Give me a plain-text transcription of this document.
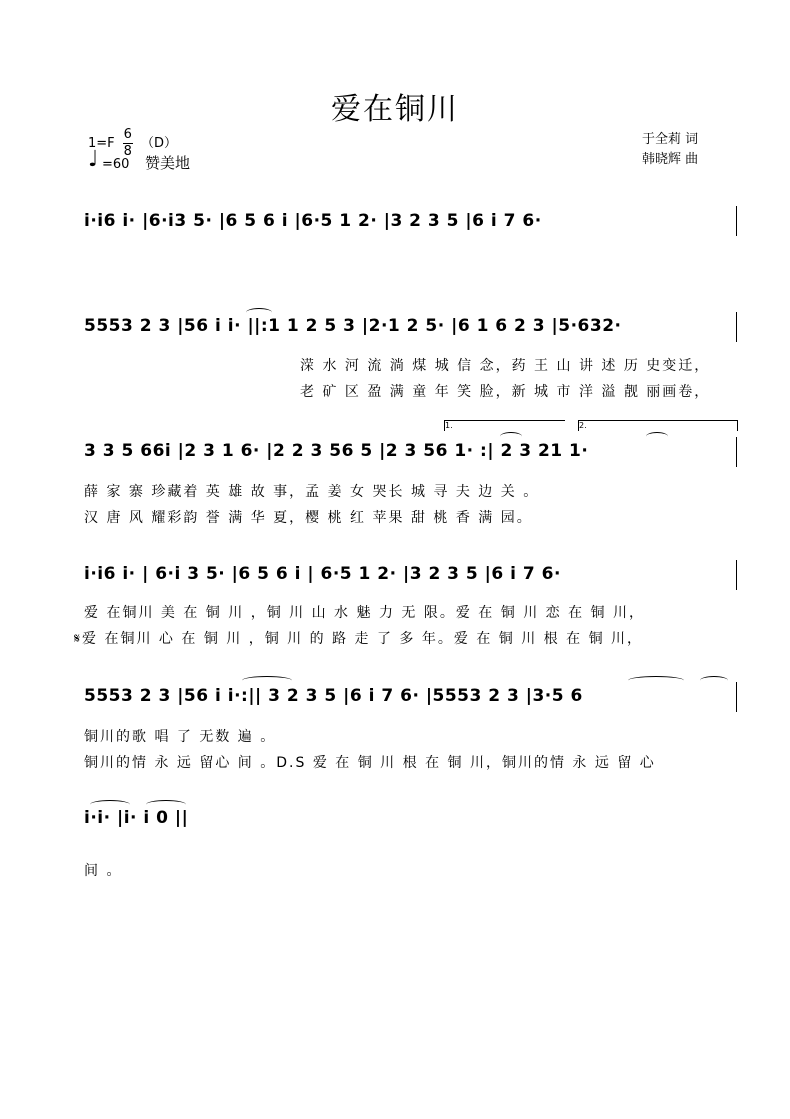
爱在铜川
$1=F \frac{6}{8} (D)$
♩ =60 赞美地
于全莉 词
韩晓辉 曲
i·i6 i· |6·i3 5· |6 5 6 i |6·5 1 2· |3 2 3 5 |6 i 7 6·
5553 2 3 |56 i i· ||:1 1 2 5 3 |2·1 2 5· |6 1 6 2 3 |5·632·
溁 水 河 流 淌 煤 城 信 念，药 王 山 讲 述 历 史变迁，
老 矿 区 盈 满 童 年 笑 脸，新 城 市 洋 溢 靓 丽画卷，
1.	2.
3 3 5 66i |2 3 1 6· |2 2 3 56 5 |2 3 56 1· :| 2 3 21 1·
薛 家 寨 珍藏着 英 雄 故 事，孟 姜 女 哭长 城 寻 夫 边 关 。
汉 唐 风 耀彩韵 誉 满 华 夏，樱 桃 红 苹果 甜 桃 香 满 园。
i·i6 i· | 6·i 3 5· |6 5 6 i | 6·5 1 2· |3 2 3 5 |6 i 7 6·
爱 在铜川 美 在 铜 川 ，铜 川 山 水 魅 力 无 限。爱 在 铜 川 恋 在 铜 川，
𝄋爱 在铜川 心 在 铜 川 ，铜 川 的 路 走 了 多 年。爱 在 铜 川 根 在 铜 川，
5553 2 3 |56 i i·:|| 3 2 3 5 |6 i 7 6· |5553 2 3 |3·5 6
铜川的歌 唱 了 无数 遍 。
铜川的情 永 远 留心 间 。D.S 爱 在 铜 川 根 在 铜 川，铜川的情 永 远 留 心
i·i· |i· i 0 ||
间 。
